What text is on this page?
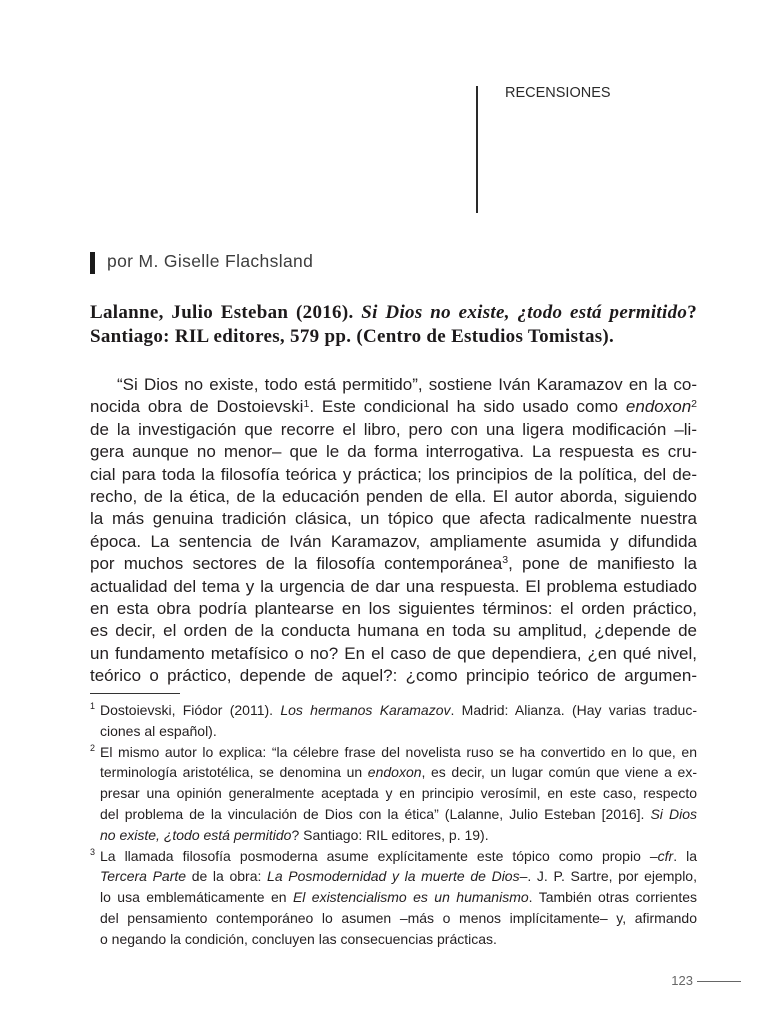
RECENSIONES
por M. Giselle Flachsland
Lalanne, Julio Esteban (2016). Si Dios no existe, ¿todo está permitido?
Santiago: RIL editores, 579 pp. (Centro de Estudios Tomistas).
“Si Dios no existe, todo está permitido”, sostiene Iván Karamazov en la co-
nocida obra de Dostoievski$^1$. Este condicional ha sido usado como endoxon$^2$
de la investigación que recorre el libro, pero con una ligera modificación –li-
gera aunque no menor– que le da forma interrogativa. La respuesta es cru-
cial para toda la filosofía teórica y práctica; los principios de la política, del de-
recho, de la ética, de la educación penden de ella. El autor aborda, siguiendo
la más genuina tradición clásica, un tópico que afecta radicalmente nuestra
época. La sentencia de Iván Karamazov, ampliamente asumida y difundida
por muchos sectores de la filosofía contemporánea$^3$, pone de manifiesto la
actualidad del tema y la urgencia de dar una respuesta. El problema estudiado
en esta obra podría plantearse en los siguientes términos: el orden práctico,
es decir, el orden de la conducta humana en toda su amplitud, ¿depende de
un fundamento metafísico o no? En el caso de que dependiera, ¿en qué nivel,
teórico o práctico, depende de aquel?: ¿como principio teórico de argumen-
1 Dostoievski, Fiódor (2011). Los hermanos Karamazov. Madrid: Alianza. (Hay varias traduc-
ciones al español).
2 El mismo autor lo explica: “la célebre frase del novelista ruso se ha convertido en lo que, en
terminología aristotélica, se denomina un endoxon, es decir, un lugar común que viene a ex-
presar una opinión generalmente aceptada y en principio verosímil, en este caso, respecto
del problema de la vinculación de Dios con la ética” (Lalanne, Julio Esteban [2016]. Si Dios
no existe, ¿todo está permitido? Santiago: RIL editores, p. 19).
3 La llamada filosofía posmoderna asume explícitamente este tópico como propio –cfr. la
Tercera Parte de la obra: La Posmodernidad y la muerte de Dios–. J. P. Sartre, por ejemplo,
lo usa emblemáticamente en El existencialismo es un humanismo. También otras corrientes
del pensamiento contemporáneo lo asumen –más o menos implícitamente– y, afirmando
o negando la condición, concluyen las consecuencias prácticas.
123
